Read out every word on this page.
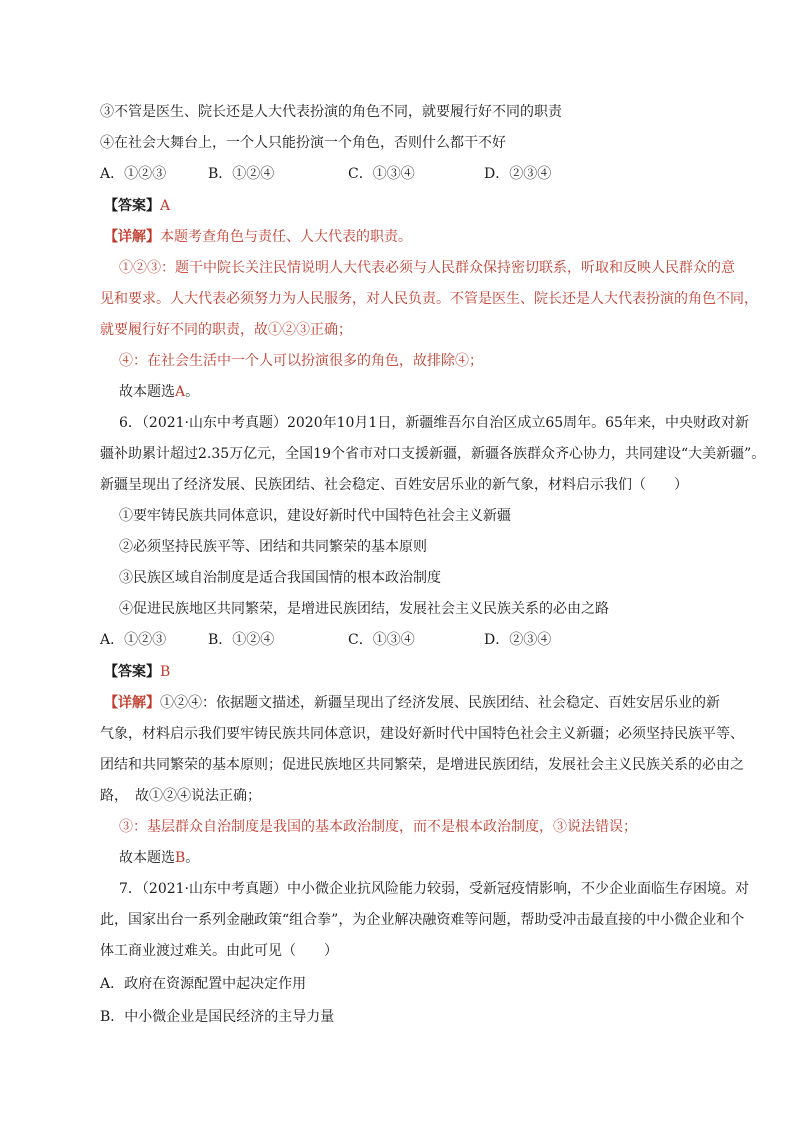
③不管是医生、院长还是人大代表扮演的角色不同，就要履行好不同的职责
④在社会大舞台上，一个人只能扮演一个角色，否则什么都干不好
A．①②③	B．①②④	C．①③④	D．②③④
【答案】A
【详解】本题考查角色与责任、人大代表的职责。
①②③：题干中院长关注民情说明人大代表必须与人民群众保持密切联系，听取和反映人民群众的意
见和要求。人大代表必须努力为人民服务，对人民负责。不管是医生、院长还是人大代表扮演的角色不同，
就要履行好不同的职责，故①②③正确；
④：在社会生活中一个人可以扮演很多的角色，故排除④；
故本题选A。
6．（2021·山东中考真题）2020年10月1日，新疆维吾尔自治区成立65周年。65年来，中央财政对新
疆补助累计超过2.35万亿元，全国19个省市对口支援新疆，新疆各族群众齐心协力，共同建设“大美新疆”。
新疆呈现出了经济发展、民族团结、社会稳定、百姓安居乐业的新气象，材料启示我们（　　）
①要牢铸民族共同体意识，建设好新时代中国特色社会主义新疆
②必须坚持民族平等、团结和共同繁荣的基本原则
③民族区域自治制度是适合我国国情的根本政治制度
④促进民族地区共同繁荣，是增进民族团结，发展社会主义民族关系的必由之路
A．①②③	B．①②④	C．①③④	D．②③④
【答案】B
【详解】①②④：依据题文描述，新疆呈现出了经济发展、民族团结、社会稳定、百姓安居乐业的新
气象，材料启示我们要牢铸民族共同体意识，建设好新时代中国特色社会主义新疆；必须坚持民族平等、
团结和共同繁荣的基本原则；促进民族地区共同繁荣，是增进民族团结，发展社会主义民族关系的必由之
路，　故①②④说法正确；
③：基层群众自治制度是我国的基本政治制度，而不是根本政治制度，③说法错误；
故本题选B。
7．（2021·山东中考真题）中小微企业抗风险能力较弱，受新冠疫情影响，不少企业面临生存困境。对
此，国家出台一系列金融政策“组合拳”，为企业解决融资难等问题，帮助受冲击最直接的中小微企业和个
体工商业渡过难关。由此可见（　　）
A．政府在资源配置中起决定作用
B．中小微企业是国民经济的主导力量
